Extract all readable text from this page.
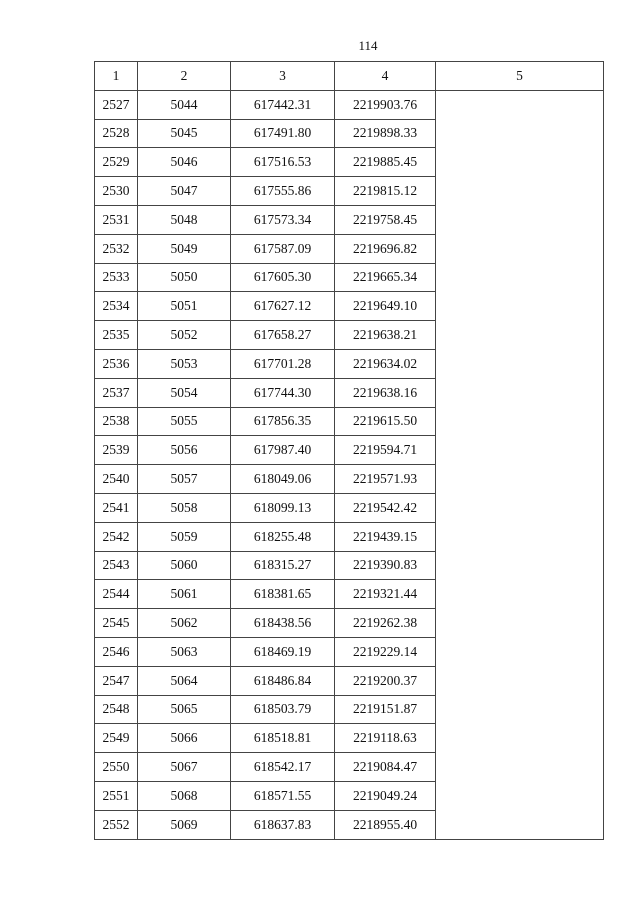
114
1	2	3	4	5
2527	5044	617442.31	2219903.76	
2528	5045	617491.80	2219898.33	
2529	5046	617516.53	2219885.45	
2530	5047	617555.86	2219815.12	
2531	5048	617573.34	2219758.45	
2532	5049	617587.09	2219696.82	
2533	5050	617605.30	2219665.34	
2534	5051	617627.12	2219649.10	
2535	5052	617658.27	2219638.21	
2536	5053	617701.28	2219634.02	
2537	5054	617744.30	2219638.16	
2538	5055	617856.35	2219615.50	
2539	5056	617987.40	2219594.71	
2540	5057	618049.06	2219571.93	
2541	5058	618099.13	2219542.42	
2542	5059	618255.48	2219439.15	
2543	5060	618315.27	2219390.83	
2544	5061	618381.65	2219321.44	
2545	5062	618438.56	2219262.38	
2546	5063	618469.19	2219229.14	
2547	5064	618486.84	2219200.37	
2548	5065	618503.79	2219151.87	
2549	5066	618518.81	2219118.63	
2550	5067	618542.17	2219084.47	
2551	5068	618571.55	2219049.24	
2552	5069	618637.83	2218955.40	
